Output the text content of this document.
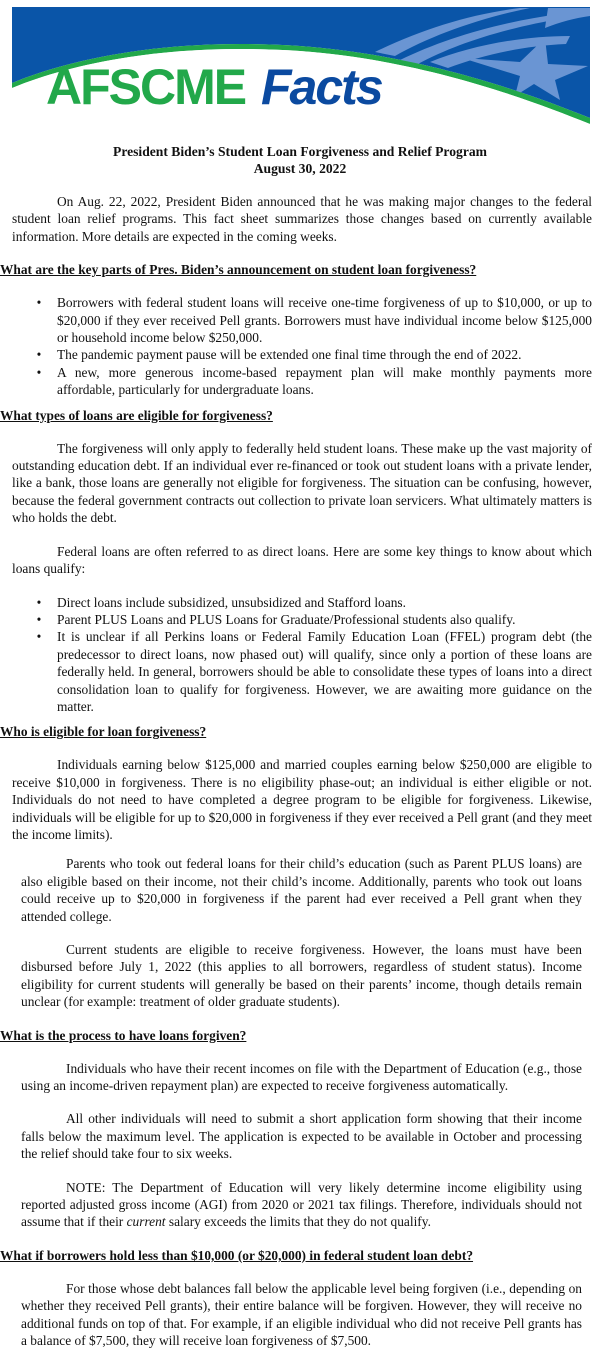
AFSCME Facts

President Biden’s Student Loan Forgiveness and Relief Program

August 30, 2022

On Aug. 22, 2022, President Biden announced that he was making major changes to the federal student loan relief programs. This fact sheet summarizes those changes based on currently available information. More details are expected in the coming weeks.

What are the key parts of Pres. Biden’s announcement on student loan forgiveness?

• Borrowers with federal student loans will receive one-time forgiveness of up to $10,000, or up to $20,000 if they ever received Pell grants. Borrowers must have individual income below $125,000 or household income below $250,000.
• The pandemic payment pause will be extended one final time through the end of 2022.
• A new, more generous income-based repayment plan will make monthly payments more affordable, particularly for undergraduate loans.

What types of loans are eligible for forgiveness?

The forgiveness will only apply to federally held student loans. These make up the vast majority of outstanding education debt. If an individual ever re-financed or took out student loans with a private lender, like a bank, those loans are generally not eligible for forgiveness. The situation can be confusing, however, because the federal government contracts out collection to private loan servicers. What ultimately matters is who holds the debt.

Federal loans are often referred to as direct loans. Here are some key things to know about which loans qualify:

• Direct loans include subsidized, unsubsidized and Stafford loans.
• Parent PLUS Loans and PLUS Loans for Graduate/Professional students also qualify.
• It is unclear if all Perkins loans or Federal Family Education Loan (FFEL) program debt (the predecessor to direct loans, now phased out) will qualify, since only a portion of these loans are federally held. In general, borrowers should be able to consolidate these types of loans into a direct consolidation loan to qualify for forgiveness. However, we are awaiting more guidance on the matter.

Who is eligible for loan forgiveness?

Individuals earning below $125,000 and married couples earning below $250,000 are eligible to receive $10,000 in forgiveness. There is no eligibility phase-out; an individual is either eligible or not. Individuals do not need to have completed a degree program to be eligible for forgiveness. Likewise, individuals will be eligible for up to $20,000 in forgiveness if they ever received a Pell grant (and they meet the income limits).

Parents who took out federal loans for their child’s education (such as Parent PLUS loans) are also eligible based on their income, not their child’s income. Additionally, parents who took out loans could receive up to $20,000 in forgiveness if the parent had ever received a Pell grant when they attended college.

Current students are eligible to receive forgiveness. However, the loans must have been disbursed before July 1, 2022 (this applies to all borrowers, regardless of student status). Income eligibility for current students will generally be based on their parents’ income, though details remain unclear (for example: treatment of older graduate students).

What is the process to have loans forgiven?

Individuals who have their recent incomes on file with the Department of Education (e.g., those using an income-driven repayment plan) are expected to receive forgiveness automatically.

All other individuals will need to submit a short application form showing that their income falls below the maximum level. The application is expected to be available in October and processing the relief should take four to six weeks.

NOTE: The Department of Education will very likely determine income eligibility using reported adjusted gross income (AGI) from 2020 or 2021 tax filings. Therefore, individuals should not assume that if their current salary exceeds the limits that they do not qualify.

What if borrowers hold less than $10,000 (or $20,000) in federal student loan debt?

For those whose debt balances fall below the applicable level being forgiven (i.e., depending on whether they received Pell grants), their entire balance will be forgiven. However, they will receive no additional funds on top of that. For example, if an eligible individual who did not receive Pell grants has a balance of $7,500, they will receive loan forgiveness of $7,500.
